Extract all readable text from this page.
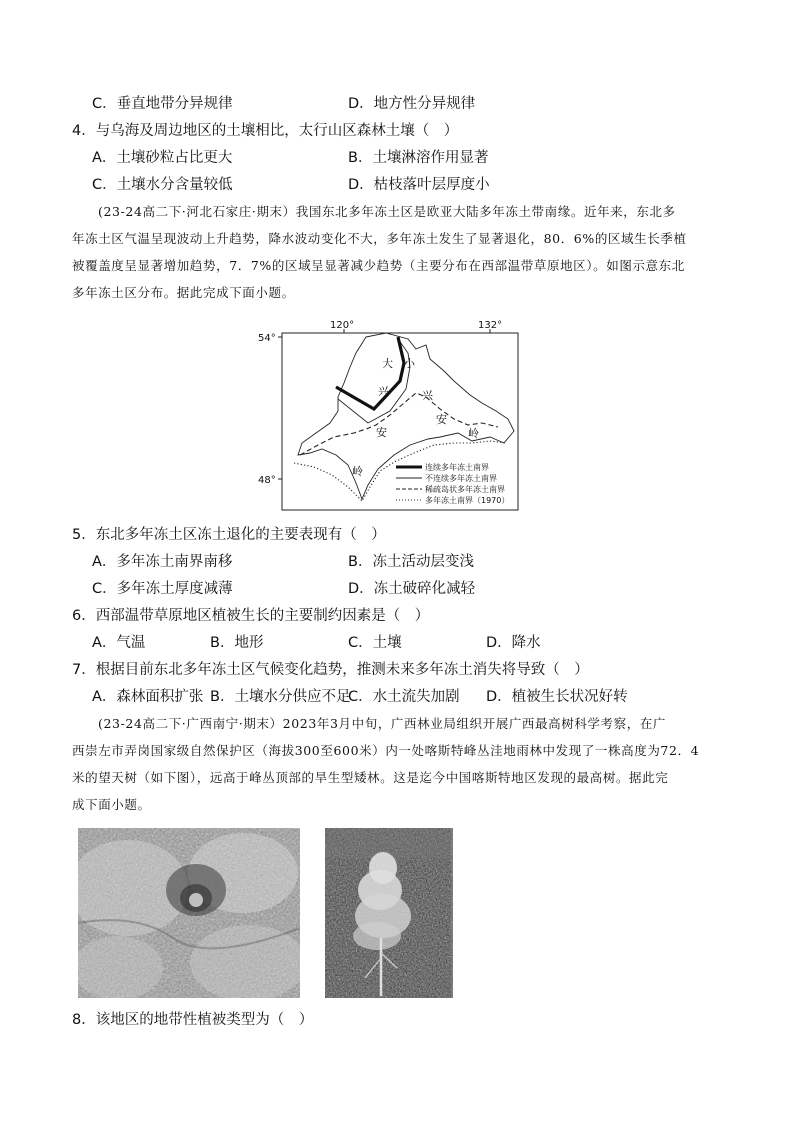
C．垂直地带分异规律	D．地方性分异规律
4．与乌海及周边地区的土壤相比，太行山区森林土壤（　）
A．土壤砂粒占比更大	B．土壤淋溶作用显著
C．土壤水分含量较低	D．枯枝落叶层厚度小
(23-24高二下·河北石家庄·期末）我国东北多年冻土区是欧亚大陆多年冻土带南缘。近年来，东北多
年冻土区气温呈现波动上升趋势，降水波动变化不大，多年冻土发生了显著退化，80．6%的区域生长季植
被覆盖度呈显著增加趋势，7．7%的区域呈显著减少趋势（主要分布在西部温带草原地区）。如图示意东北
多年冻土区分布。据此完成下面小题。
120°	132°
54°
48°
大
兴
安
岭
小
兴
安
岭
连续多年冻土南界
不连续多年冻土南界
稀疏岛状多年冻土南界
多年冻土南界（1970）
5．东北多年冻土区冻土退化的主要表现有（　）
A．多年冻土南界南移	B．冻土活动层变浅
C．多年冻土厚度减薄	D．冻土破碎化减轻
6．西部温带草原地区植被生长的主要制约因素是（　）
A．气温	B．地形	C．土壤	D．降水
7．根据目前东北多年冻土区气候变化趋势，推测未来多年冻土消失将导致（　）
A．森林面积扩张 B．土壤水分供应不足
C．水土流失加剧 D．植被生长状况好转
(23-24高二下·广西南宁·期末）2023年3月中旬，广西林业局组织开展广西最高树科学考察，在广
西崇左市弄岗国家级自然保护区（海拔300至600米）内一处喀斯特峰丛洼地雨林中发现了一株高度为72．4
米的望天树（如下图），远高于峰丛顶部的旱生型矮林。这是迄今中国喀斯特地区发现的最高树。据此完
成下面小题。
8．该地区的地带性植被类型为（　）
